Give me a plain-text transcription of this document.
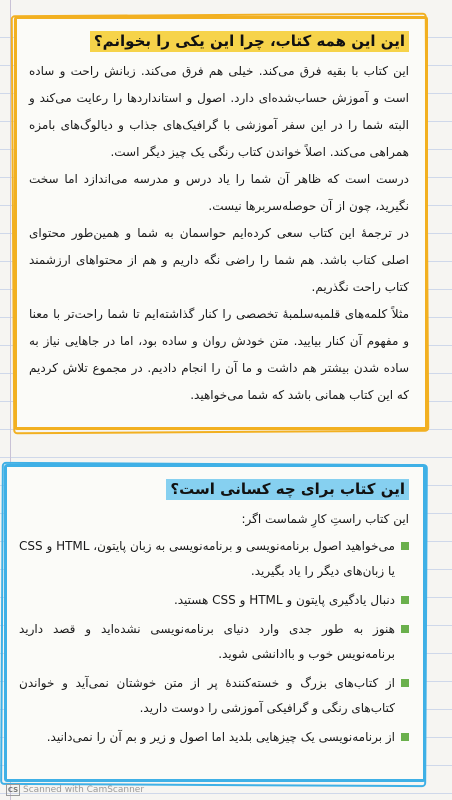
این این همه کتاب، چرا این یکی را بخوانم؟

این کتاب با بقیه فرق می‌کند. خیلی هم فرق می‌کند. زبانش راحت و ساده است و آموزش حساب‌شده‌ای دارد. اصول و استانداردها را رعایت می‌کند و البته شما را در این سفر آموزشی با گرافیک‌های جذاب و دیالوگ‌های بامزه همراهی می‌کند. اصلاً خواندن کتاب رنگی یک چیز دیگر است.

درست است که ظاهر آن شما را یاد درس و مدرسه می‌اندازد اما سخت نگیرید، چون از آن حوصله‌سربرها نیست.

در ترجمهٔ این کتاب سعی کرده‌ایم حواسمان به شما و همین‌طور محتوای اصلی کتاب باشد. هم شما را راضی نگه داریم و هم از محتواهای ارزشمند کتاب راحت نگذریم.

مثلاً کلمه‌های قلمبه‌سلمبهٔ تخصصی را کنار گذاشته‌ایم تا شما راحت‌تر با معنا و مفهوم آن کنار بیایید. متن خودش روان و ساده بود، اما در جاهایی نیاز به ساده شدن بیشتر هم داشت و ما آن را انجام دادیم. در مجموع تلاش کردیم که این کتاب همانی باشد که شما می‌خواهید.

این کتاب برای چه کسانی است؟

این کتاب راستِ کارِ شماست اگر:

می‌خواهید اصول برنامه‌نویسی و برنامه‌نویسی به زبان پایتون، HTML و CSS یا زبان‌های دیگر را یاد بگیرید.
دنبال یادگیری پایتون و HTML و CSS هستید.
هنوز به طور جدی وارد دنیای برنامه‌نویسی نشده‌اید و قصد دارید برنامه‌نویس خوب و باادانشی شوید.
از کتاب‌های بزرگ و خسته‌کنندهٔ پر از متن خوشتان نمی‌آید و خواندن کتاب‌های رنگی و گرافیکی آموزشی را دوست دارید.
از برنامه‌نویسی یک چیزهایی بلدید اما اصول و زیر و بم آن را نمی‌دانید.
CS Scanned with CamScanner
